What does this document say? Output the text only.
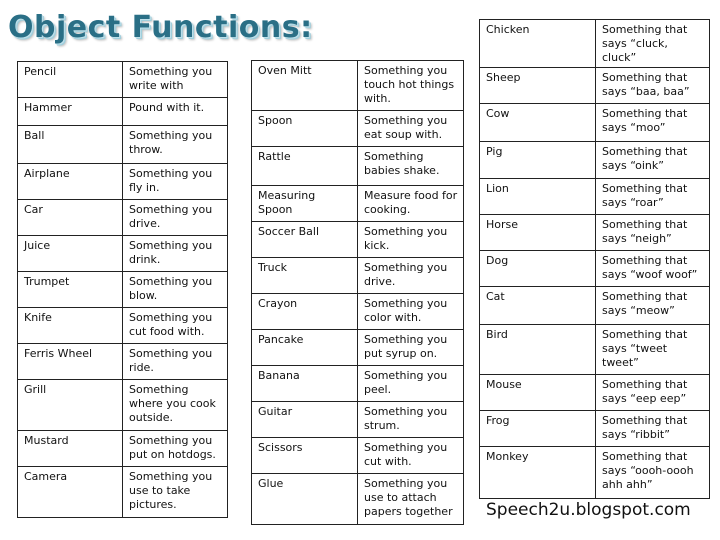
Object Functions:
Pencil	Something you write with
Hammer	Pound with it.
Ball	Something you throw.
Airplane	Something you fly in.
Car	Something you drive.
Juice	Something you drink.
Trumpet	Something you blow.
Knife	Something you cut food with.
Ferris Wheel	Something you ride.
Grill	Something where you cook outside.
Mustard	Something you put on hotdogs.
Camera	Something you use to take pictures.
Oven Mitt	Something you touch hot things with.
Spoon	Something you eat soup with.
Rattle	Something babies shake.
Measuring Spoon	Measure food for cooking.
Soccer Ball	Something you kick.
Truck	Something you drive.
Crayon	Something you color with.
Pancake	Something you put syrup on.
Banana	Something you peel.
Guitar	Something you strum.
Scissors	Something you cut with.
Glue	Something you use to attach papers together
Chicken	Something that says “cluck, cluck”
Sheep	Something that says “baa, baa”
Cow	Something that says “moo”
Pig	Something that says “oink”
Lion	Something that says “roar”
Horse	Something that says “neigh”
Dog	Something that says “woof woof”
Cat	Something that says “meow”
Bird	Something that says “tweet tweet”
Mouse	Something that says “eep eep”
Frog	Something that says “ribbit”
Monkey	Something that says “oooh-oooh ahh ahh”
Speech2u.blogspot.com
